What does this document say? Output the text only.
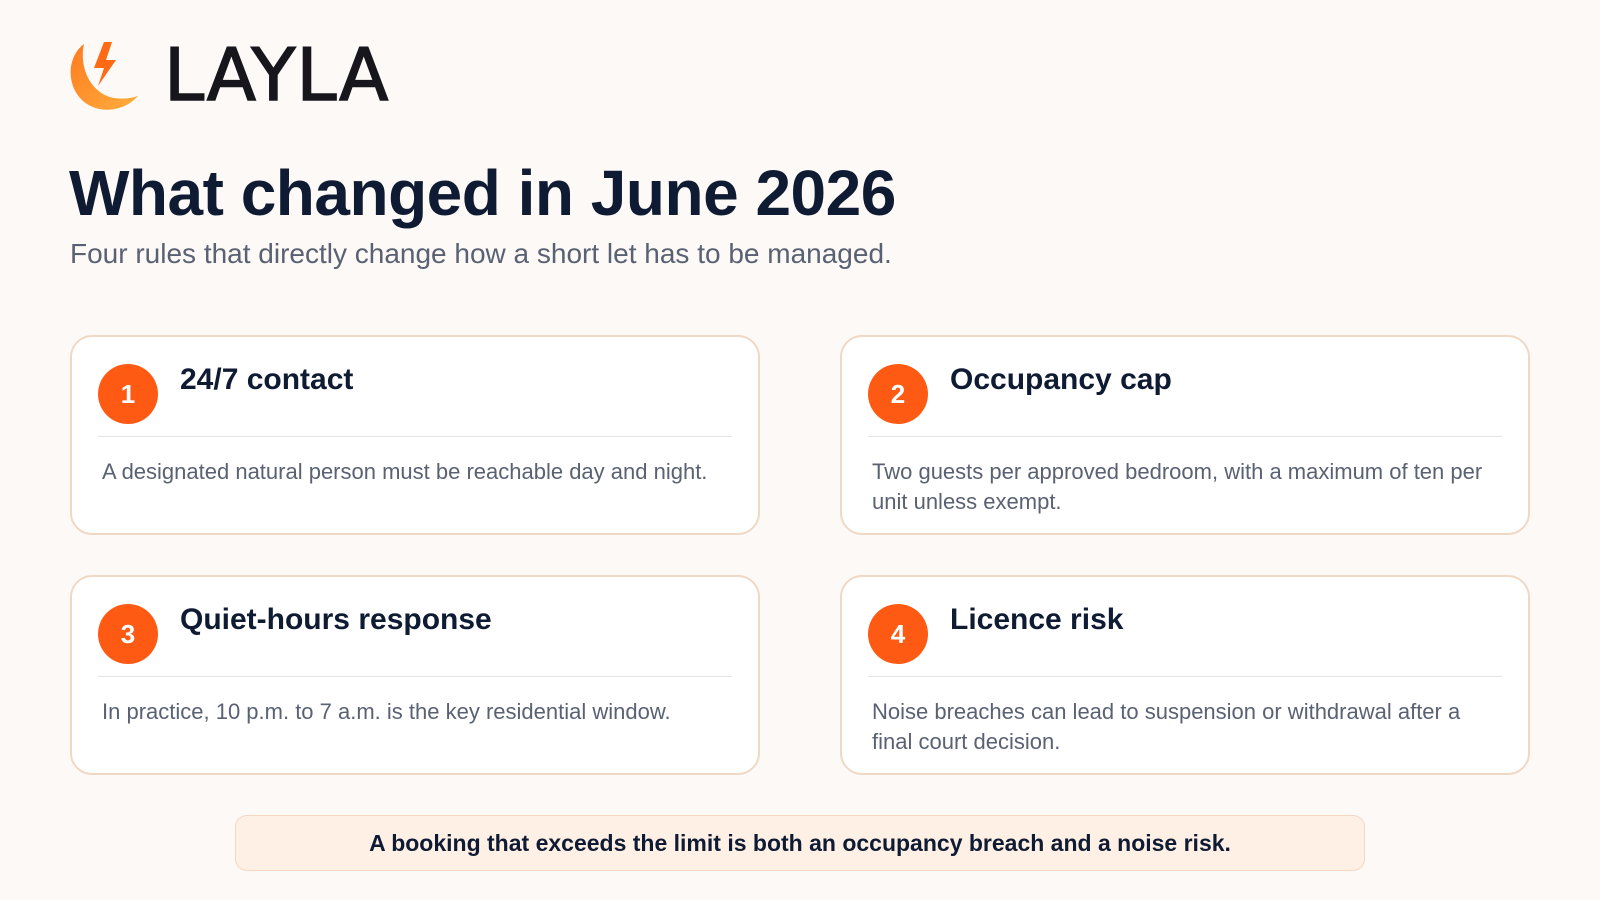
LAYLA
What changed in June 2026

Four rules that directly change how a short let has to be managed.

1	24/7 contact
A designated natural person must be reachable day and night.
2	Occupancy cap
Two guests per approved bedroom, with a maximum of ten per unit unless exempt.
3	Quiet-hours response
In practice, 10 p.m. to 7 a.m. is the key residential window.
4	Licence risk
Noise breaches can lead to suspension or withdrawal after a final court decision.
A booking that exceeds the limit is both an occupancy breach and a noise risk.
